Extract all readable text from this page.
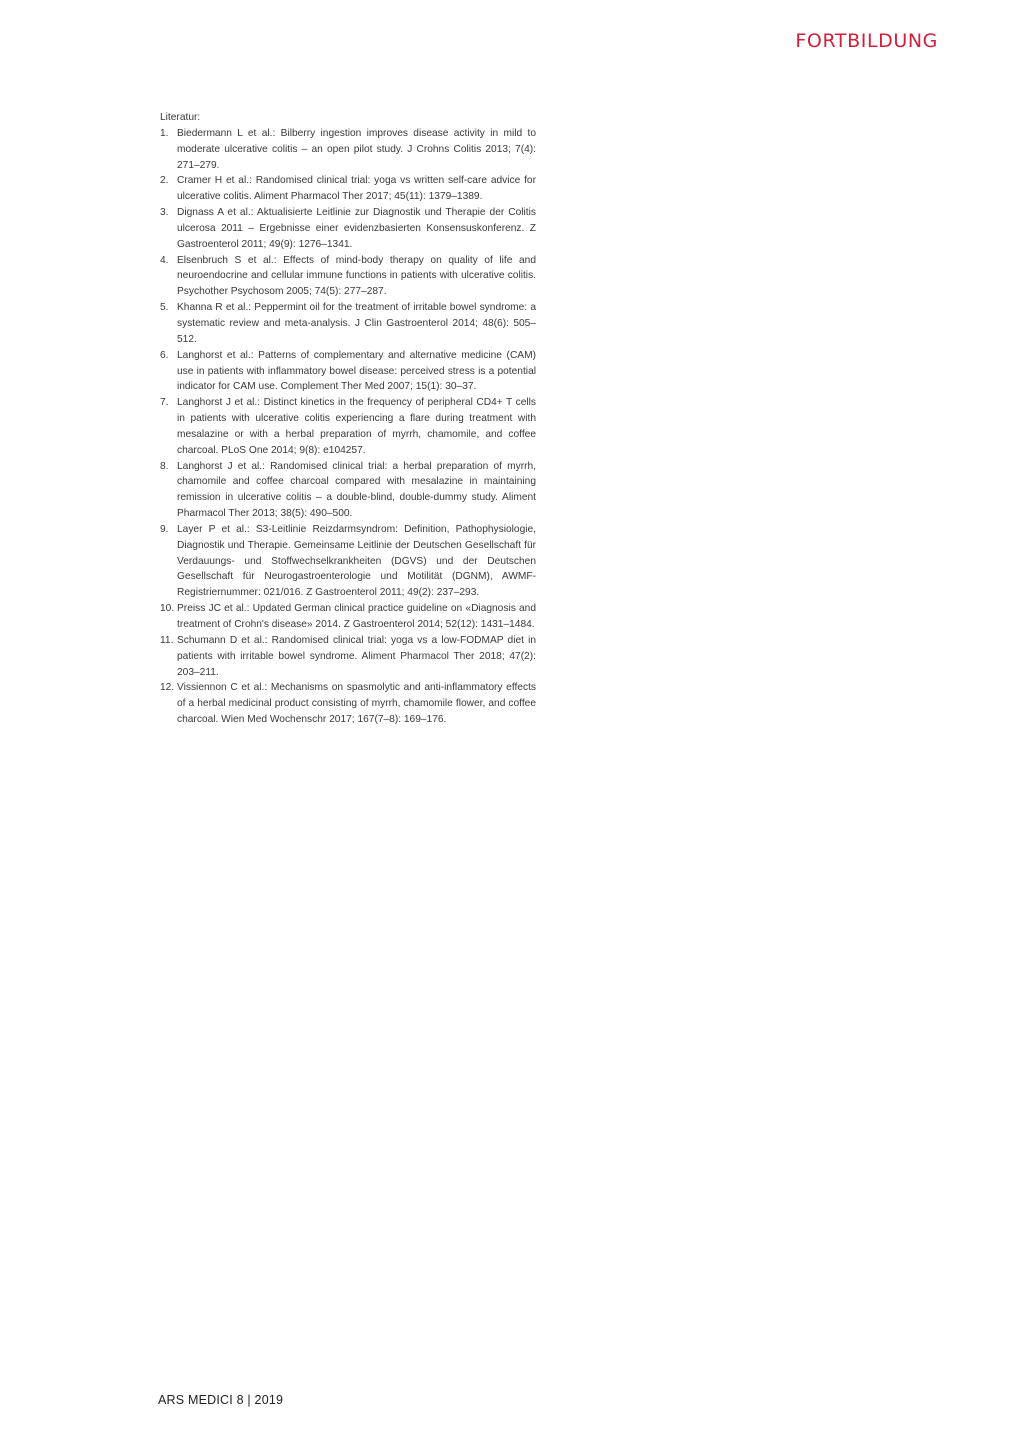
FORTBILDUNG

Literatur:

1. Biedermann L et al.: Bilberry ingestion improves disease activity in mild to moderate ulcerative colitis – an open pilot study. J Crohns Colitis 2013; 7(4): 271–279.
2. Cramer H et al.: Randomised clinical trial: yoga vs written self-care advice for ulcerative colitis. Aliment Pharmacol Ther 2017; 45(11): 1379–1389.
3. Dignass A et al.: Aktualisierte Leitlinie zur Diagnostik und Therapie der Colitis ulcerosa 2011 – Ergebnisse einer evidenzbasierten Konsensuskonferenz. Z Gastroenterol 2011; 49(9): 1276–1341.
4. Elsenbruch S et al.: Effects of mind-body therapy on quality of life and neuroendocrine and cellular immune functions in patients with ulcerative colitis. Psychother Psychosom 2005; 74(5): 277–287.
5. Khanna R et al.: Peppermint oil for the treatment of irritable bowel syndrome: a systematic review and meta-analysis. J Clin Gastroenterol 2014; 48(6): 505–512.
6. Langhorst et al.: Patterns of complementary and alternative medicine (CAM) use in patients with inflammatory bowel disease: perceived stress is a potential indicator for CAM use. Complement Ther Med 2007; 15(1): 30–37.
7. Langhorst J et al.: Distinct kinetics in the frequency of peripheral CD4+ T cells in patients with ulcerative colitis experiencing a flare during treatment with mesalazine or with a herbal preparation of myrrh, chamomile, and coffee charcoal. PLoS One 2014; 9(8): e104257.
8. Langhorst J et al.: Randomised clinical trial: a herbal preparation of myrrh, chamomile and coffee charcoal compared with mesalazine in maintaining remission in ulcerative colitis – a double-blind, double-dummy study. Aliment Pharmacol Ther 2013; 38(5): 490–500.
9. Layer P et al.: S3-Leitlinie Reizdarmsyndrom: Definition, Pathophysiologie, Diagnostik und Therapie. Gemeinsame Leitlinie der Deutschen Gesellschaft für Verdauungs- und Stoffwechselkrankheiten (DGVS) und der Deutschen Gesellschaft für Neurogastroenterologie und Motilität (DGNM), AWMF-Registriernummer: 021/016. Z Gastroenterol 2011; 49(2): 237–293.
10. Preiss JC et al.: Updated German clinical practice guideline on «Diagnosis and treatment of Crohn's disease» 2014. Z Gastroenterol 2014; 52(12): 1431–1484.
11. Schumann D et al.: Randomised clinical trial: yoga vs a low-FODMAP diet in patients with irritable bowel syndrome. Aliment Pharmacol Ther 2018; 47(2): 203–211.
12. Vissiennon C et al.: Mechanisms on spasmolytic and anti-inflammatory effects of a herbal medicinal product consisting of myrrh, chamomile flower, and coffee charcoal. Wien Med Wochenschr 2017; 167(7–8): 169–176.
ARS MEDICI 8 | 2019
